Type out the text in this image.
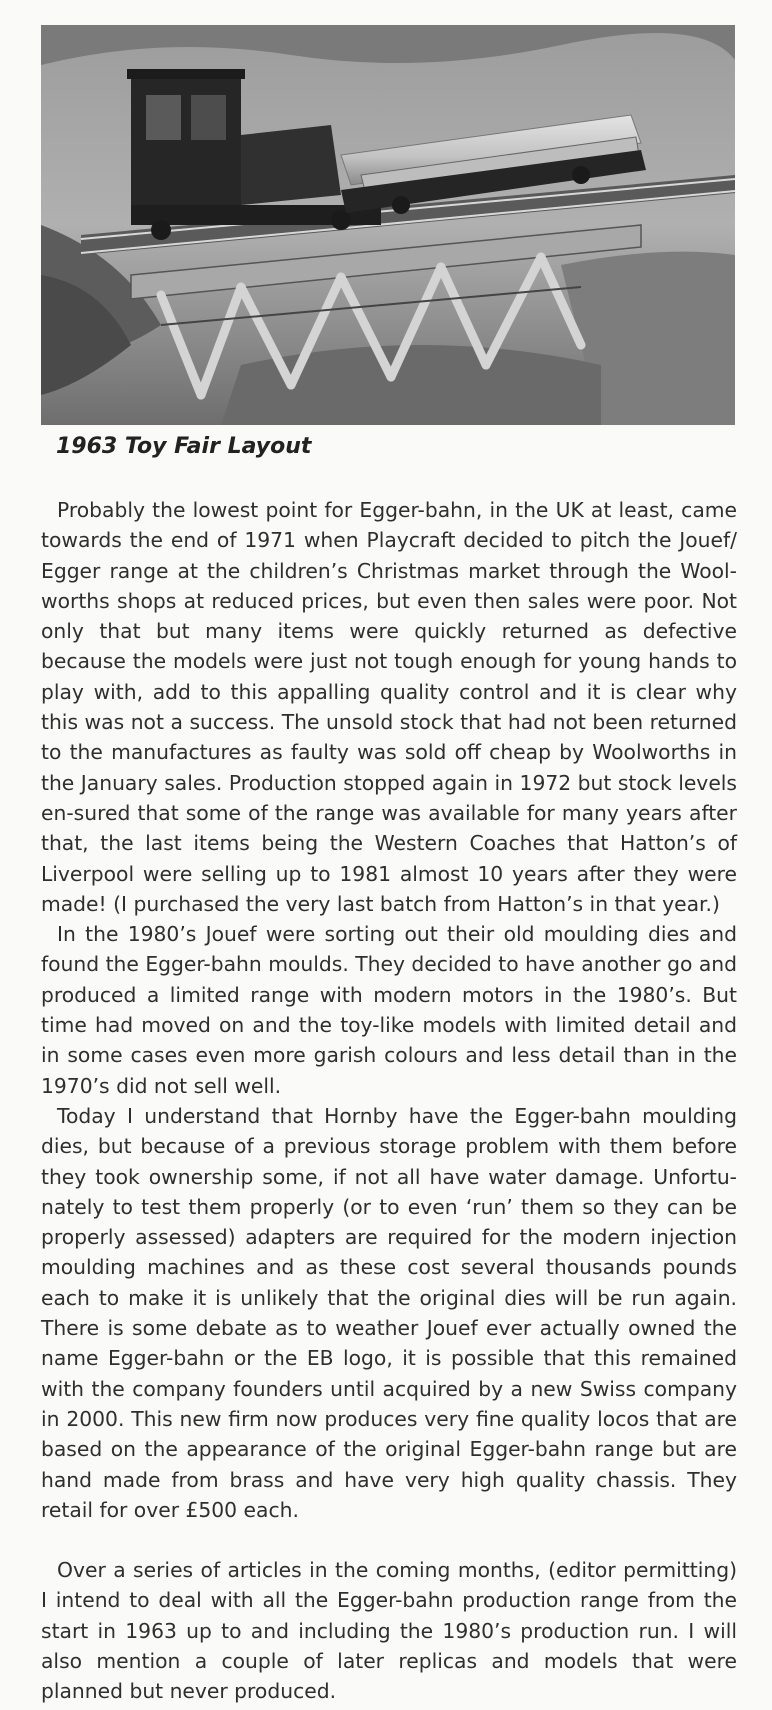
1963 Toy Fair Layout

Probably the lowest point for Egger-bahn, in the UK at least, came towards the end of 1971 when Playcraft decided to pitch the Jouef/ Egger range at the children’s Christmas market through the Wool-worths shops at reduced prices, but even then sales were poor. Not only that but many items were quickly returned as defective because the models were just not tough enough for young hands to play with, add to this appalling quality control and it is clear why this was not a success. The unsold stock that had not been returned to the manufactures as faulty was sold off cheap by Woolworths in the January sales. Production stopped again in 1972 but stock levels en-sured that some of the range was available for many years after that, the last items being the Western Coaches that Hatton’s of Liverpool were selling up to 1981 almost 10 years after they were made! (I purchased the very last batch from Hatton’s in that year.)

In the 1980’s Jouef were sorting out their old moulding dies and found the Egger-bahn moulds. They decided to have another go and produced a limited range with modern motors in the 1980’s. But time had moved on and the toy-like models with limited detail and in some cases even more garish colours and less detail than in the 1970’s did not sell well.

Today I understand that Hornby have the Egger-bahn moulding dies, but because of a previous storage problem with them before they took ownership some, if not all have water damage. Unfortu-nately to test them properly (or to even ‘run’ them so they can be properly assessed) adapters are required for the modern injection moulding machines and as these cost several thousands pounds each to make it is unlikely that the original dies will be run again. There is some debate as to weather Jouef ever actually owned the name Egger-bahn or the EB logo, it is possible that this remained with the company founders until acquired by a new Swiss company in 2000. This new firm now produces very fine quality locos that are based on the appearance of the original Egger-bahn range but are hand made from brass and have very high quality chassis. They retail for over £500 each.

Over a series of articles in the coming months, (editor permitting) I intend to deal with all the Egger-bahn production range from the start in 1963 up to and including the 1980’s production run. I will also mention a couple of later replicas and models that were planned but never produced.
